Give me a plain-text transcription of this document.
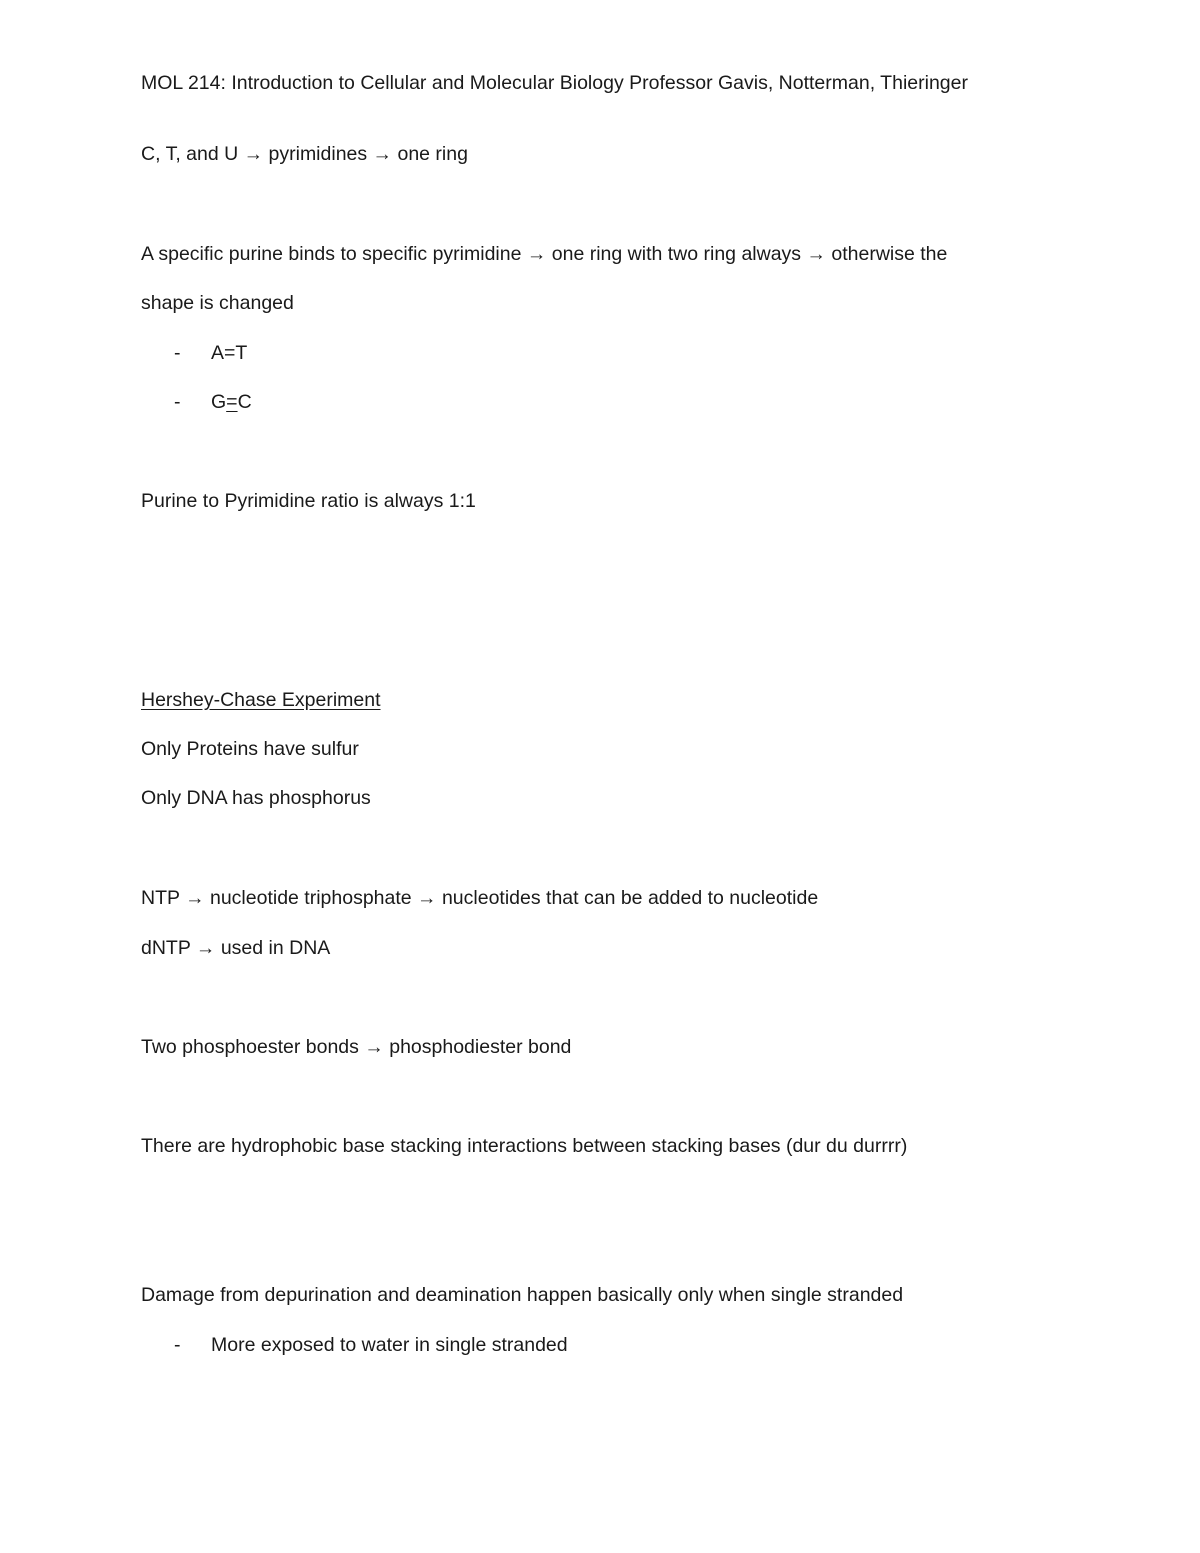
MOL 214: Introduction to Cellular and Molecular Biology Professor Gavis, Notterman, Thieringer
C, T, and U → pyrimidines → one ring
A specific purine binds to specific pyrimidine → one ring with two ring always → otherwise the
shape is changed
- A=T
- G=C
Purine to Pyrimidine ratio is always 1:1
Hershey-Chase Experiment
Only Proteins have sulfur
Only DNA has phosphorus
NTP → nucleotide triphosphate → nucleotides that can be added to nucleotide
dNTP → used in DNA
Two phosphoester bonds → phosphodiester bond
There are hydrophobic base stacking interactions between stacking bases (dur du durrrr)
Damage from depurination and deamination happen basically only when single stranded
- More exposed to water in single stranded
